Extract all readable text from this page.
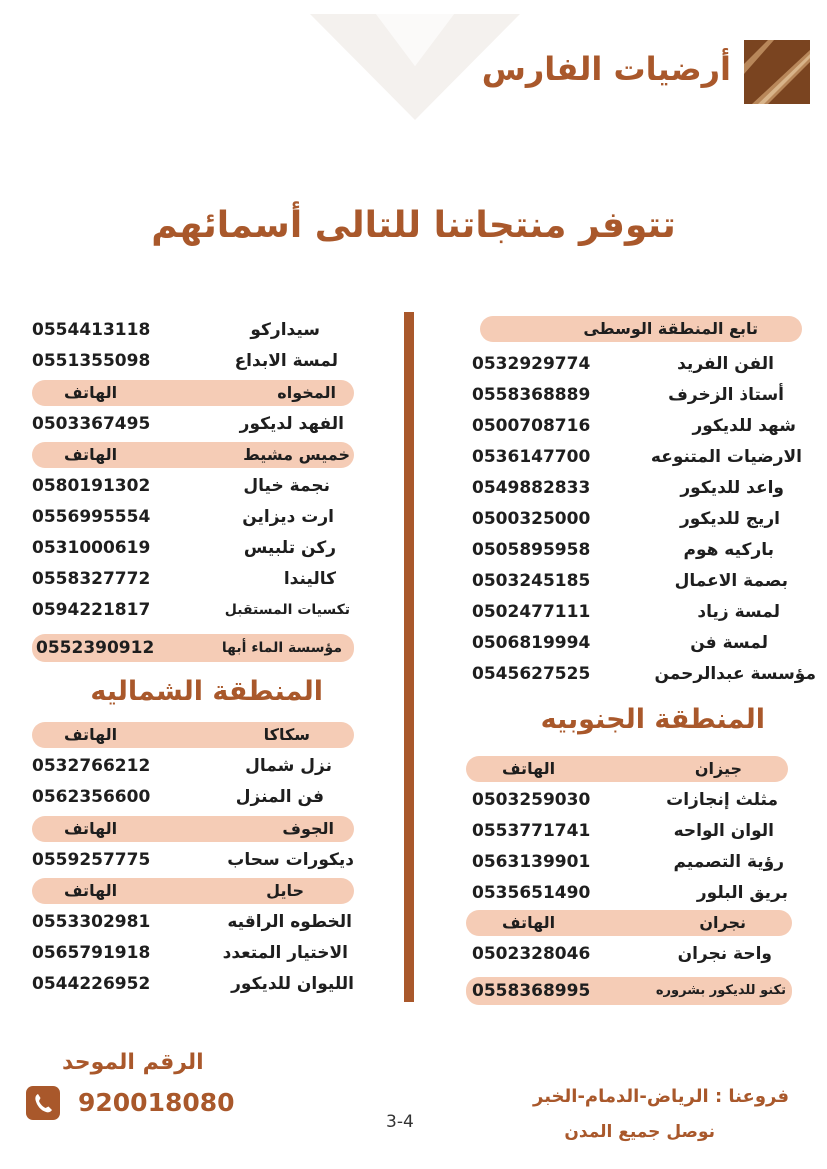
أرضيات الفارس
تتوفر منتجاتنا للتالى أسمائهم
تابع المنطقة الوسطى
الفن الفريد
0532929774
أستاذ الزخرف
0558368889
شهد للديكور
0500708716
الارضيات المتنوعه
0536147700
واعد للديكور
0549882833
اريج للديكور
0500325000
باركيه هوم
0505895958
بصمة الاعمال
0503245185
لمسة زياد
0502477111
لمسة فن
0506819994
مؤسسة عبدالرحمن
0545627525
المنطقة الجنوبيه
جيزان
الهاتف
مثلث إنجازات
0503259030
الوان الواحه
0553771741
رؤية التصميم
0563139901
بريق البلور
0535651490
نجران
الهاتف
واحة نجران
0502328046
تكنو للديكور بشروره
0558368995
سيداركو
0554413118
لمسة الابداع
0551355098
المخواه
الهاتف
الفهد لديكور
0503367495
خميس مشيط
الهاتف
نجمة خيال
0580191302
ارت ديزاين
0556995554
ركن تلبيس
0531000619
كاليندا
0558327772
تكسيات المستقبل
0594221817
مؤسسة الماء أبها
0552390912
المنطقة الشماليه
سكاكا
الهاتف
نزل شمال
0532766212
فن المنزل
0562356600
الجوف
الهاتف
ديكورات سحاب
0559257775
حايل
الهاتف
الخطوه الراقيه
0553302981
الاختيار المتعدد
0565791918
الليوان للديكور
0544226952
الرقم الموحد
920018080
3-4
فروعنا : الرياض-الدمام-الخبر
نوصل جميع المدن
